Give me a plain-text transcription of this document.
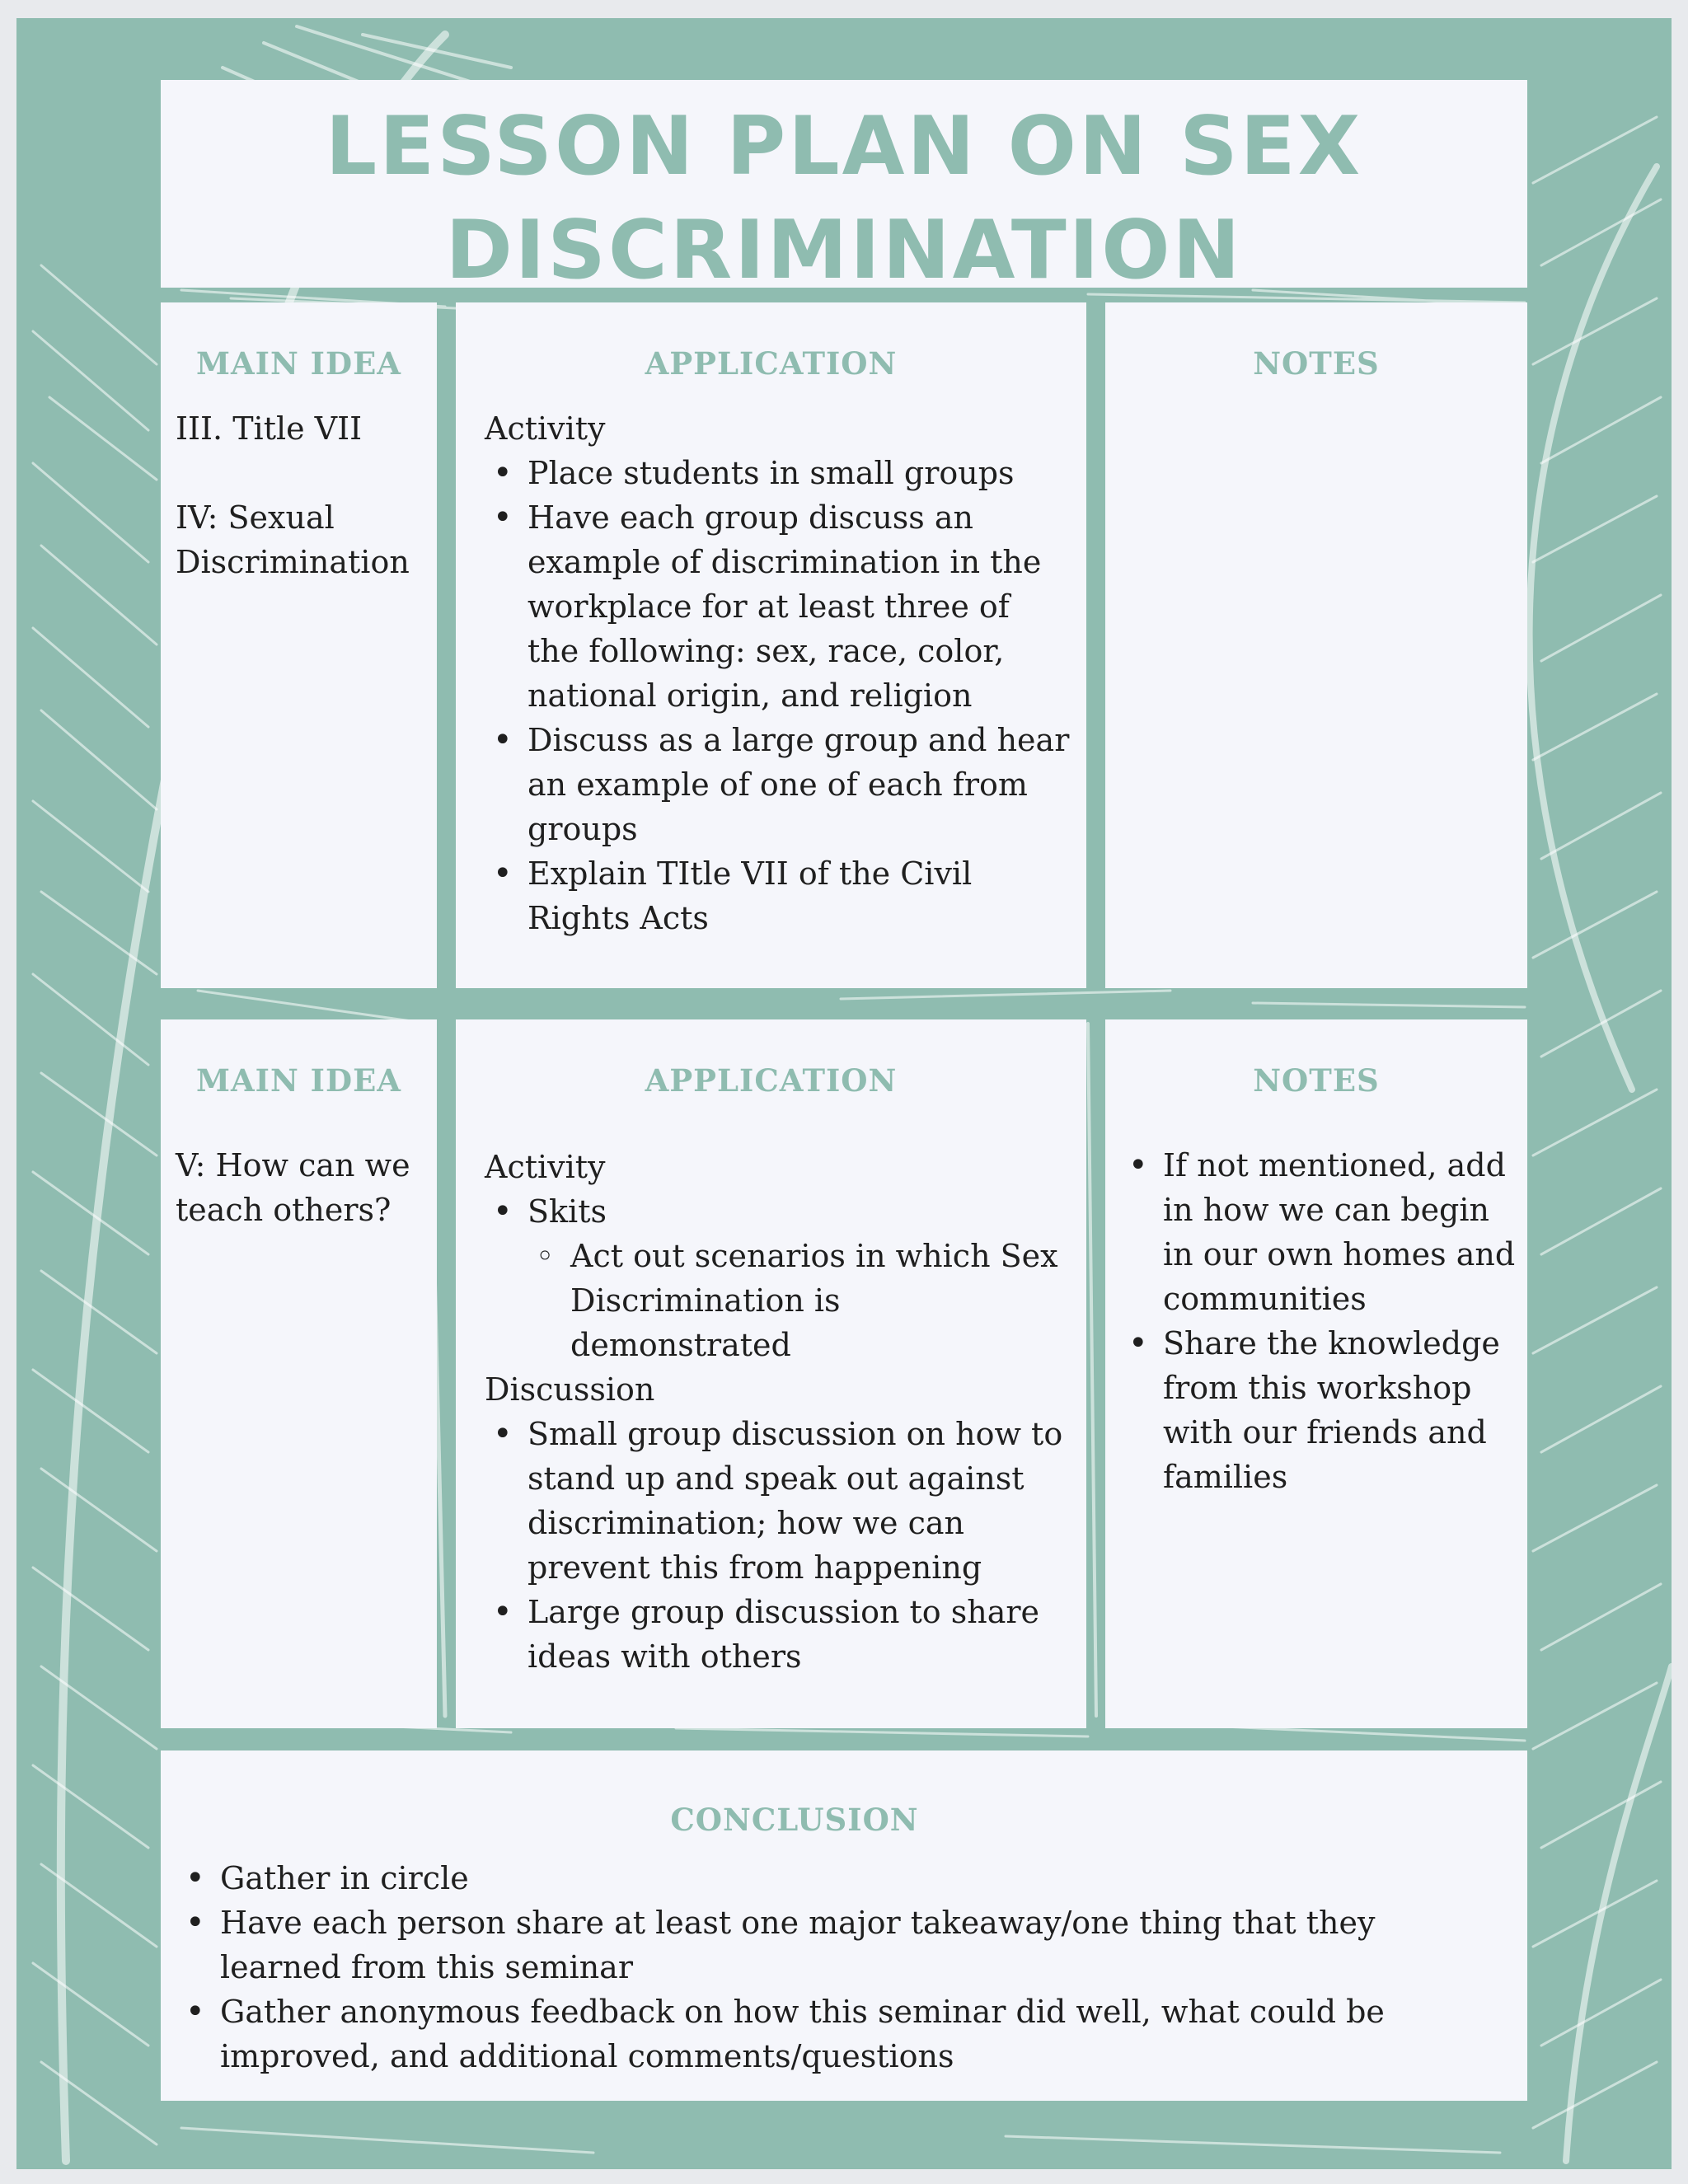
LESSON PLAN ON SEX DISCRIMINATION
MAIN IDEA

III. Title VII

IV: Sexual Discrimination

APPLICATION

Activity

• Place students in small groups
• Have each group discuss an example of discrimination in the workplace for at least three of the following: sex, race, color, national origin, and religion
• Discuss as a large group and hear an example of one of each from groups
• Explain TItle VII of the Civil Rights Acts
NOTES
MAIN IDEA

V: How can we teach others?

APPLICATION

Activity

• Skits
◦ Act out scenarios in which Sex Discrimination is demonstrated

Discussion

• Small group discussion on how to stand up and speak out against discrimination; how we can prevent this from happening
• Large group discussion to share ideas with others
NOTES
• If not mentioned, add in how we can begin in our own homes and communities
• Share the knowledge from this workshop with our friends and families
CONCLUSION
• Gather in circle
• Have each person share at least one major takeaway/one thing that they learned from this seminar
• Gather anonymous feedback on how this seminar did well, what could be improved, and additional comments/questions
